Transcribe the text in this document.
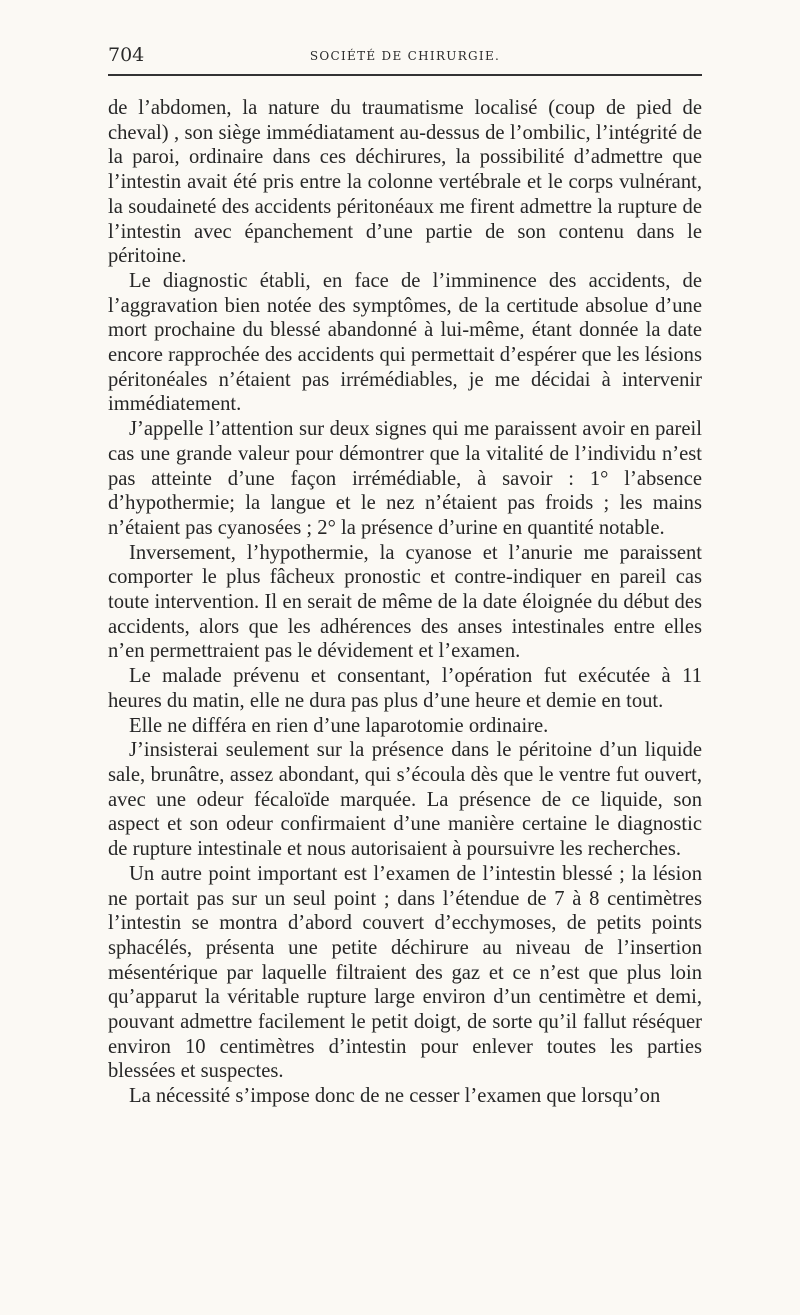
704	SOCIÉTÉ DE CHIRURGIE.

de l’abdomen, la nature du traumatisme localisé (coup de pied de cheval) , son siège immédiatament au-dessus de l’ombilic, l’intégrité de la paroi, ordinaire dans ces déchirures, la possibilité d’admettre que l’intestin avait été pris entre la colonne vertébrale et le corps vulnérant, la soudaineté des accidents péritonéaux me firent admettre la rupture de l’intestin avec épanchement d’une partie de son contenu dans le péritoine.

Le diagnostic établi, en face de l’imminence des accidents, de l’aggravation bien notée des symptômes, de la certitude absolue d’une mort prochaine du blessé abandonné à lui-même, étant donnée la date encore rapprochée des accidents qui permettait d’espérer que les lésions péritonéales n’étaient pas irrémédiables, je me décidai à intervenir immédiatement.

J’appelle l’attention sur deux signes qui me paraissent avoir en pareil cas une grande valeur pour démontrer que la vitalité de l’individu n’est pas atteinte d’une façon irrémédiable, à savoir : 1° l’absence d’hypothermie; la langue et le nez n’étaient pas froids ; les mains n’étaient pas cyanosées ; 2° la présence d’urine en quantité notable.

Inversement, l’hypothermie, la cyanose et l’anurie me paraissent comporter le plus fâcheux pronostic et contre-indiquer en pareil cas toute intervention. Il en serait de même de la date éloignée du début des accidents, alors que les adhérences des anses intestinales entre elles n’en permettraient pas le dévidement et l’examen.

Le malade prévenu et consentant, l’opération fut exécutée à 11 heures du matin, elle ne dura pas plus d’une heure et demie en tout.

Elle ne différa en rien d’une laparotomie ordinaire.

J’insisterai seulement sur la présence dans le péritoine d’un liquide sale, brunâtre, assez abondant, qui s’écoula dès que le ventre fut ouvert, avec une odeur fécaloïde marquée. La présence de ce liquide, son aspect et son odeur confirmaient d’une manière certaine le diagnostic de rupture intestinale et nous autorisaient à poursuivre les recherches.

Un autre point important est l’examen de l’intestin blessé ; la lésion ne portait pas sur un seul point ; dans l’étendue de 7 à 8 centimètres l’intestin se montra d’abord couvert d’ecchymoses, de petits points sphacélés, présenta une petite déchirure au niveau de l’insertion mésentérique par laquelle filtraient des gaz et ce n’est que plus loin qu’apparut la véritable rupture large environ d’un centimètre et demi, pouvant admettre facilement le petit doigt, de sorte qu’il fallut réséquer environ 10 centimètres d’intestin pour enlever toutes les parties blessées et suspectes.

La nécessité s’impose donc de ne cesser l’examen que lorsqu’on
